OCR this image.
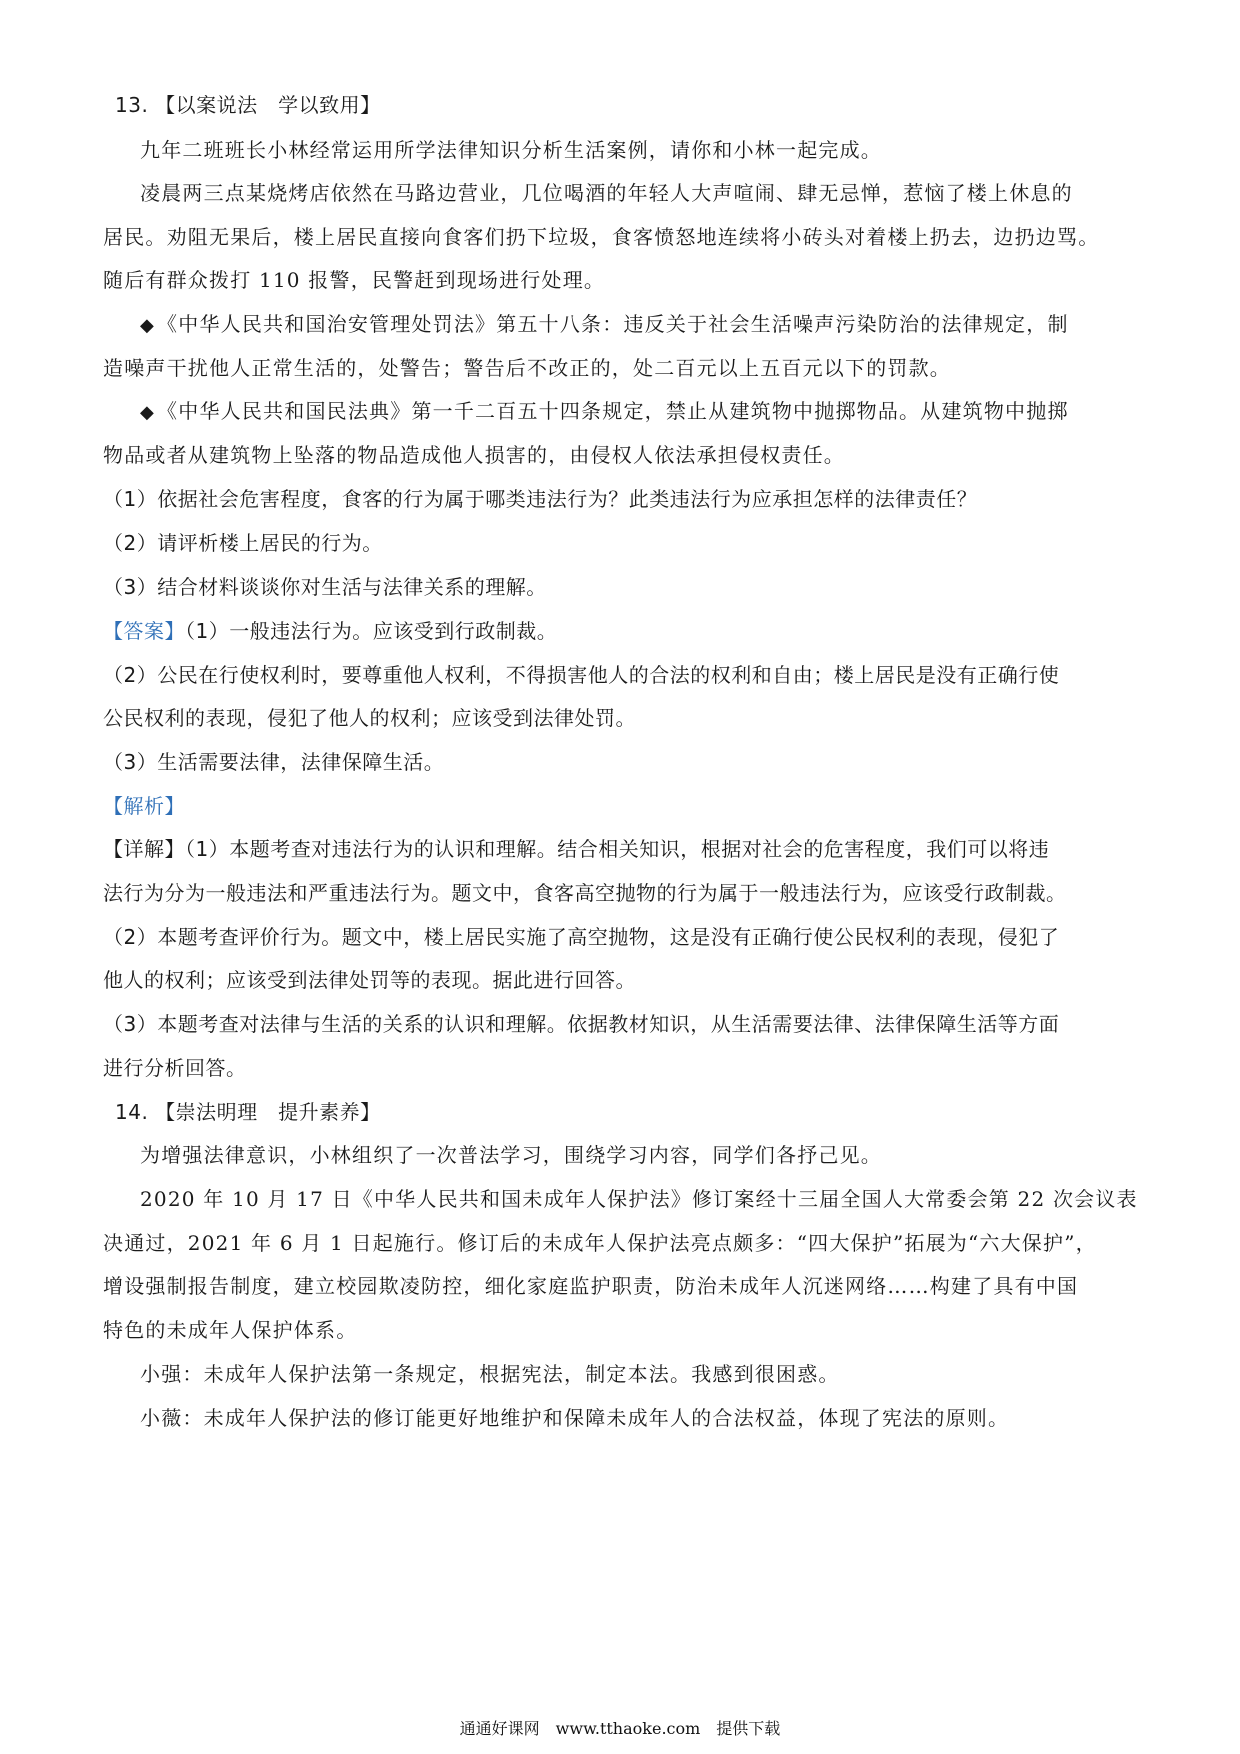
13. 【以案说法　学以致用】
九年二班班长小林经常运用所学法律知识分析生活案例，请你和小林一起完成。
凌晨两三点某烧烤店依然在马路边营业，几位喝酒的年轻人大声喧闹、肆无忌惮，惹恼了楼上休息的
居民。劝阻无果后，楼上居民直接向食客们扔下垃圾，食客愤怒地连续将小砖头对着楼上扔去，边扔边骂。
随后有群众拨打 110 报警，民警赶到现场进行处理。
◆ 《中华人民共和国治安管理处罚法》第五十八条：违反关于社会生活噪声污染防治的法律规定，制
造噪声干扰他人正常生活的，处警告；警告后不改正的，处二百元以上五百元以下的罚款。
◆ 《中华人民共和国民法典》第一千二百五十四条规定，禁止从建筑物中抛掷物品。从建筑物中抛掷
物品或者从建筑物上坠落的物品造成他人损害的，由侵权人依法承担侵权责任。
（1）依据社会危害程度，食客的行为属于哪类违法行为？此类违法行为应承担怎样的法律责任？
（2）请评析楼上居民的行为。
（3）结合材料谈谈你对生活与法律关系的理解。
【答案】（1）一般违法行为。应该受到行政制裁。
（2）公民在行使权利时，要尊重他人权利，不得损害他人的合法的权利和自由；楼上居民是没有正确行使
公民权利的表现，侵犯了他人的权利；应该受到法律处罚。
（3）生活需要法律，法律保障生活。
【解析】
【详解】（1）本题考查对违法行为的认识和理解。结合相关知识，根据对社会的危害程度，我们可以将违
法行为分为一般违法和严重违法行为。题文中，食客高空抛物的行为属于一般违法行为，应该受行政制裁。
（2）本题考查评价行为。题文中，楼上居民实施了高空抛物，这是没有正确行使公民权利的表现，侵犯了
他人的权利；应该受到法律处罚等的表现。据此进行回答。
（3）本题考查对法律与生活的关系的认识和理解。依据教材知识，从生活需要法律、法律保障生活等方面
进行分析回答。
14. 【崇法明理　提升素养】
为增强法律意识，小林组织了一次普法学习，围绕学习内容，同学们各抒己见。
2020 年 10 月 17 日《中华人民共和国未成年人保护法》修订案经十三届全国人大常委会第 22 次会议表
决通过，2021 年 6 月 1 日起施行。修订后的未成年人保护法亮点颇多：“四大保护”拓展为“六大保护”，
增设强制报告制度，建立校园欺凌防控，细化家庭监护职责，防治未成年人沉迷网络……构建了具有中国
特色的未成年人保护体系。
小强：未成年人保护法第一条规定，根据宪法，制定本法。我感到很困惑。
小薇：未成年人保护法的修订能更好地维护和保障未成年人的合法权益，体现了宪法的原则。
通通好课网　www.tthaoke.com　提供下载
